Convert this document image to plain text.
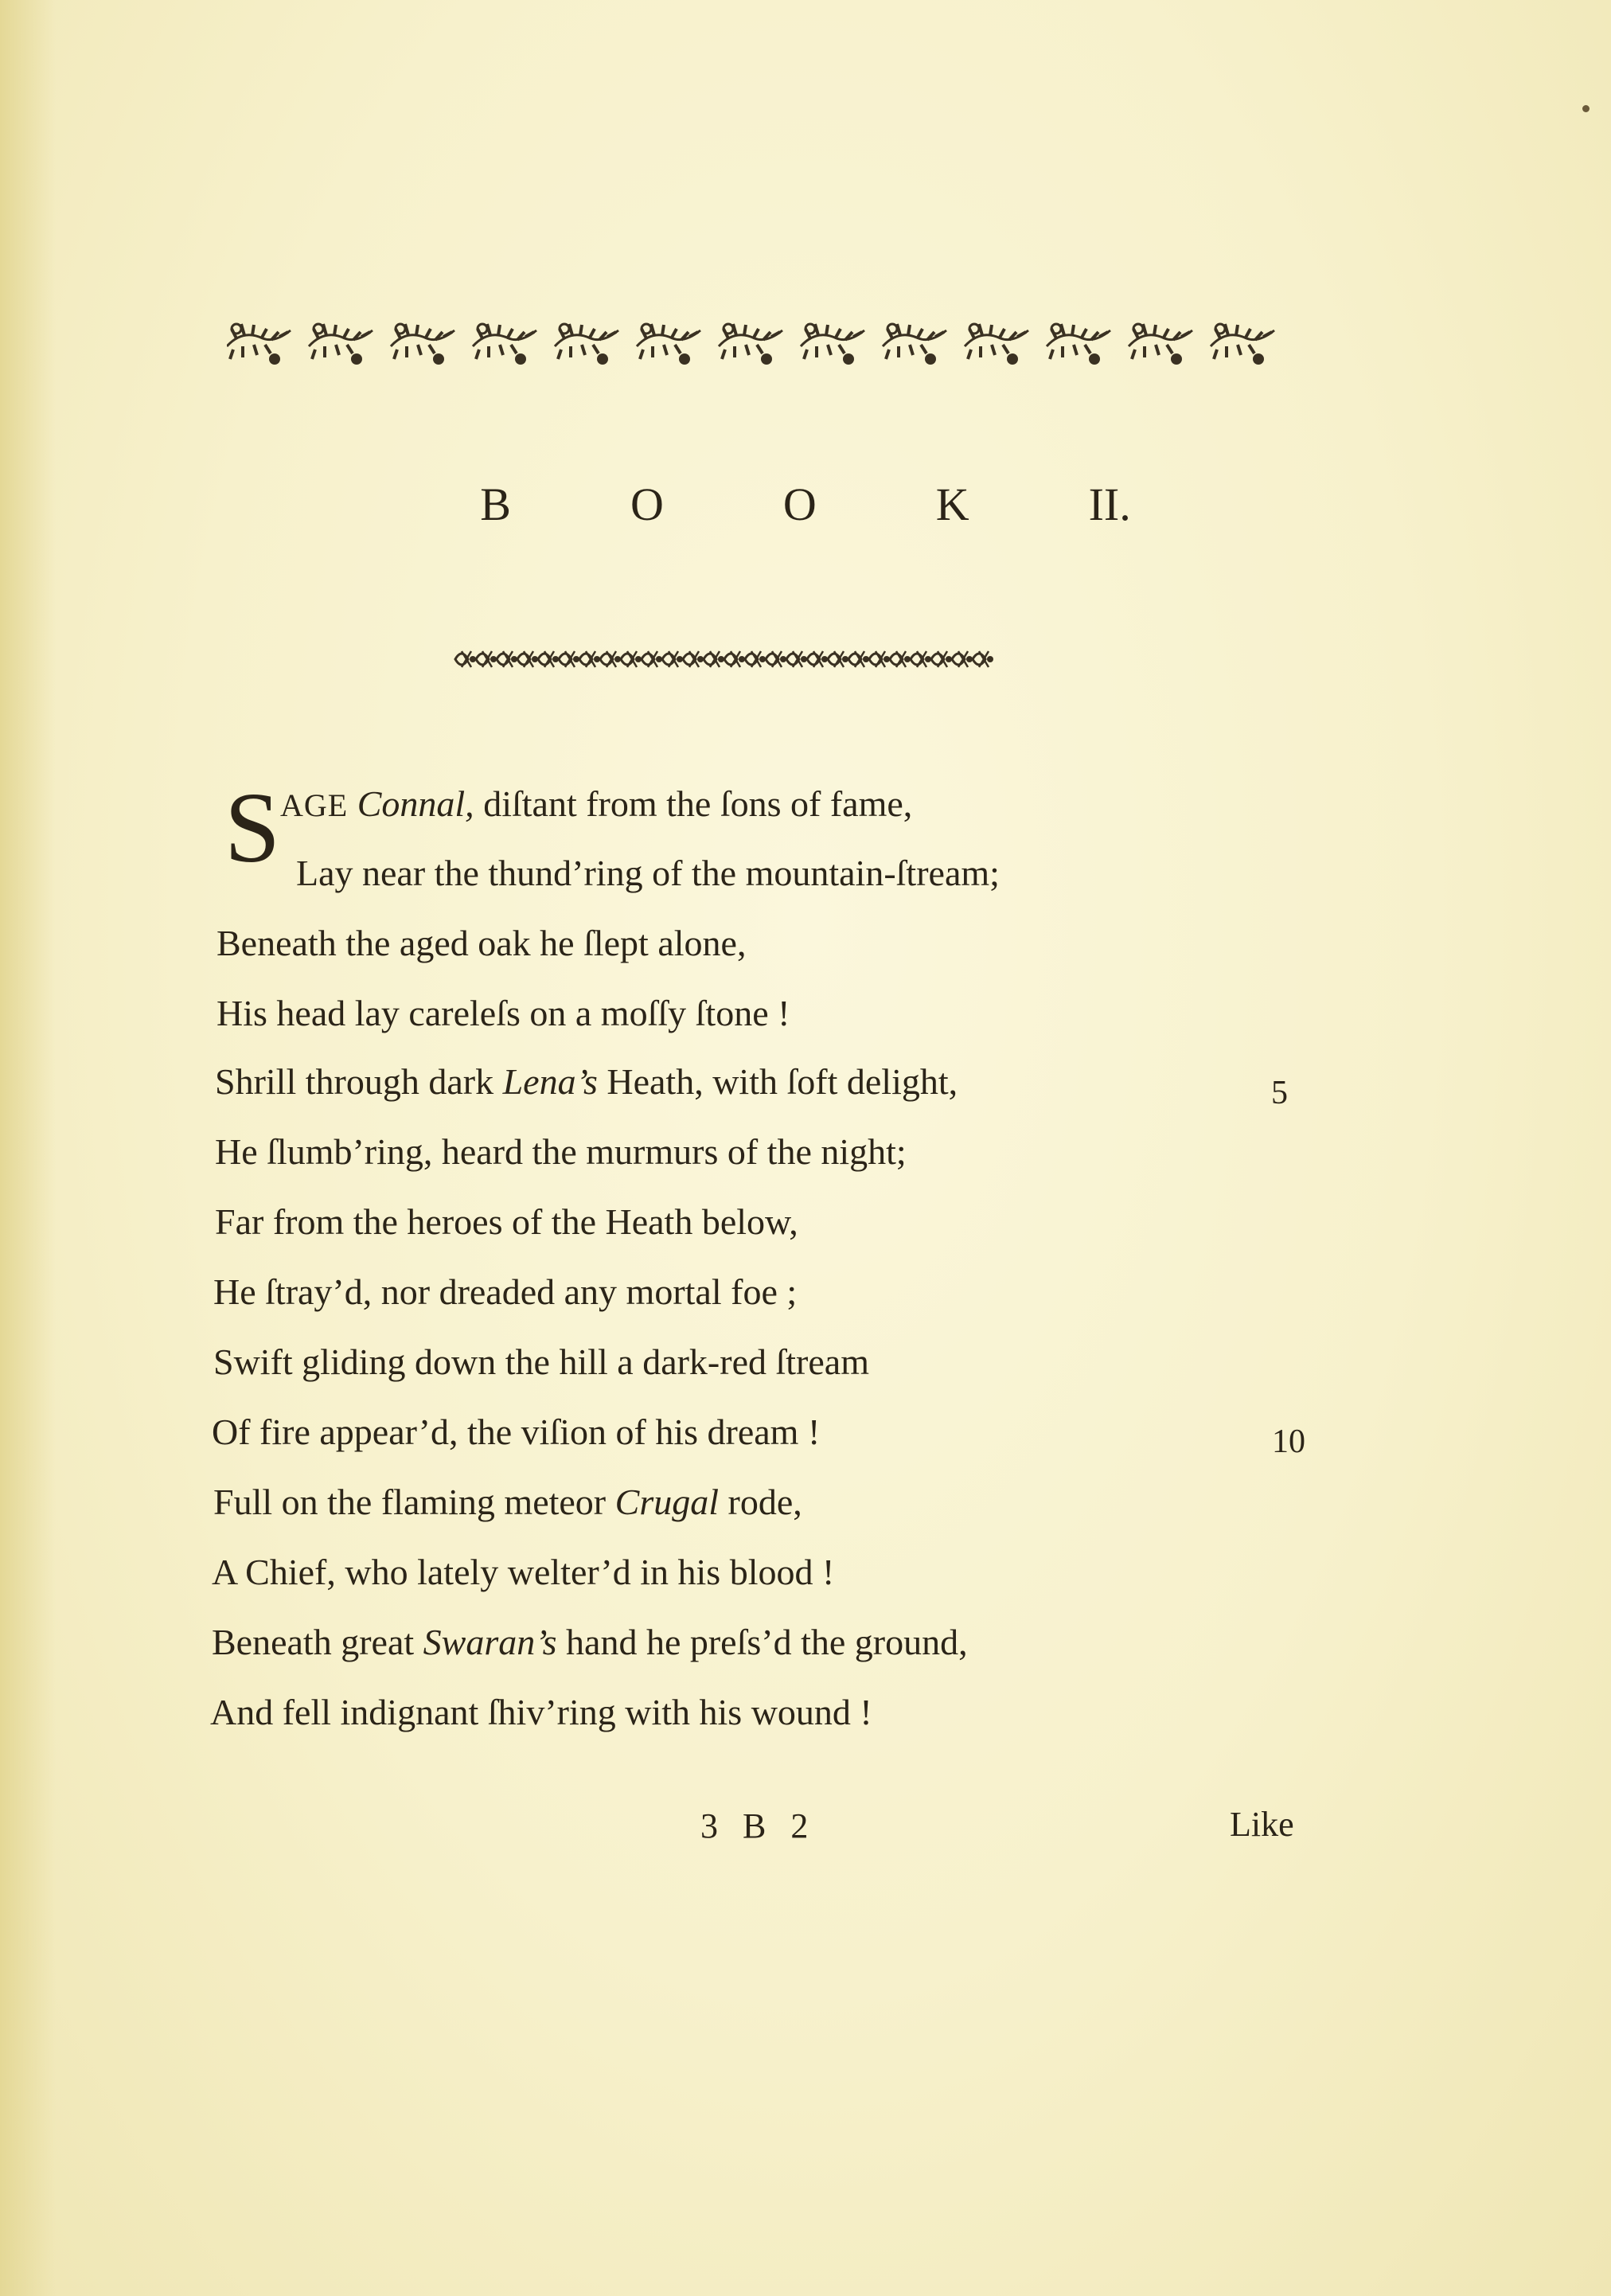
B	O	O	K	II.
S AGE Connal, diſtant from the ſons of fame,
Lay near the thund’ring of the mountain-ſtream;
Beneath the aged oak he ſlept alone,
His head lay careleſs on a moſſy ſtone !
Shrill through dark Lena’s Heath, with ſoft delight,	5
He ſlumb’ring, heard the murmurs of the night;
Far from the heroes of the Heath below,
He ſtray’d, nor dreaded any mortal foe ;
Swift gliding down the hill a dark-red ſtream
Of fire appear’d, the viſion of his dream !	10
Full on the flaming meteor Crugal rode,
A Chief, who lately welter’d in his blood !
Beneath great Swaran’s hand he preſs’d the ground,
And fell indignant ſhiv’ring with his wound !
3 B 2	Like
